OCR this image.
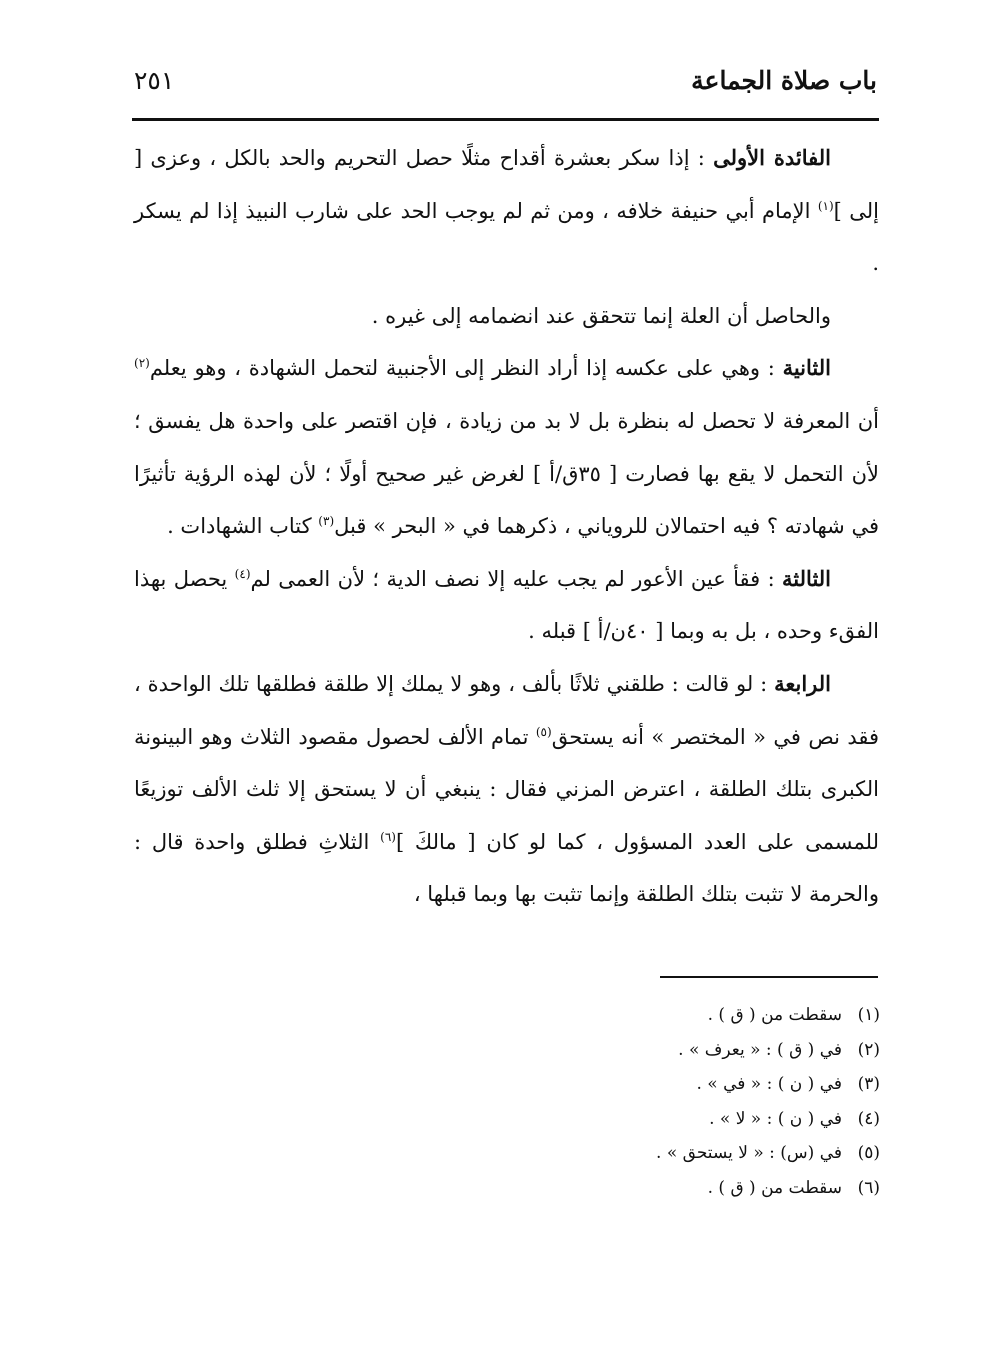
باب صلاة الجماعة
٢٥١

الفائدة الأولى : إذا سكر بعشرة أقداح مثلًا حصل التحريم والحد بالكل ، وعزى [ إلى ]$^{(١)}$ الإمام أبي حنيفة خلافه ، ومن ثم لم يوجب الحد على شارب النبيذ إذا لم يسكر .

والحاصل أن العلة إنما تتحقق عند انضمامه إلى غيره .

الثانية : وهي على عكسه إذا أراد النظر إلى الأجنبية لتحمل الشهادة ، وهو يعلم$^{(٢)}$ أن المعرفة لا تحصل له بنظرة بل لا بد من زيادة ، فإن اقتصر على واحدة هل يفسق ؛ لأن التحمل لا يقع بها فصارت [ ٣٥ق/أ ] لغرض غير صحيح أولًا ؛ لأن لهذه الرؤية تأثيرًا في شهادته ؟ فيه احتمالان للروياني ، ذكرهما في « البحر » قبل$^{(٣)}$ كتاب الشهادات .

الثالثة : فقأ عين الأعور لم يجب عليه إلا نصف الدية ؛ لأن العمى لم$^{(٤)}$ يحصل بهذا الفقء وحده ، بل به وبما [ ٤٠ن/أ ] قبله .

الرابعة : لو قالت : طلقني ثلاثًا بألف ، وهو لا يملك إلا طلقة فطلقها تلك الواحدة ، فقد نص في « المختصر » أنه يستحق$^{(٥)}$ تمام الألف لحصول مقصود الثلاث وهو البينونة الكبرى بتلك الطلقة ، اعترض المزني فقال : ينبغي أن لا يستحق إلا ثلث الألف توزيعًا للمسمى على العدد المسؤول ، كما لو كان [ مالكَ ]$^{(٦)}$ الثلاثِ فطلق واحدة قال : والحرمة لا تثبت بتلك الطلقة وإنما تثبت بها وبما قبلها ،

(١)سقطت من ( ق ) .
(٢)في ( ق ) : « يعرف » .
(٣)في ( ن ) : « في » .
(٤)في ( ن ) : « لا » .
(٥)في (س) : « لا يستحق » .
(٦)سقطت من ( ق ) .
